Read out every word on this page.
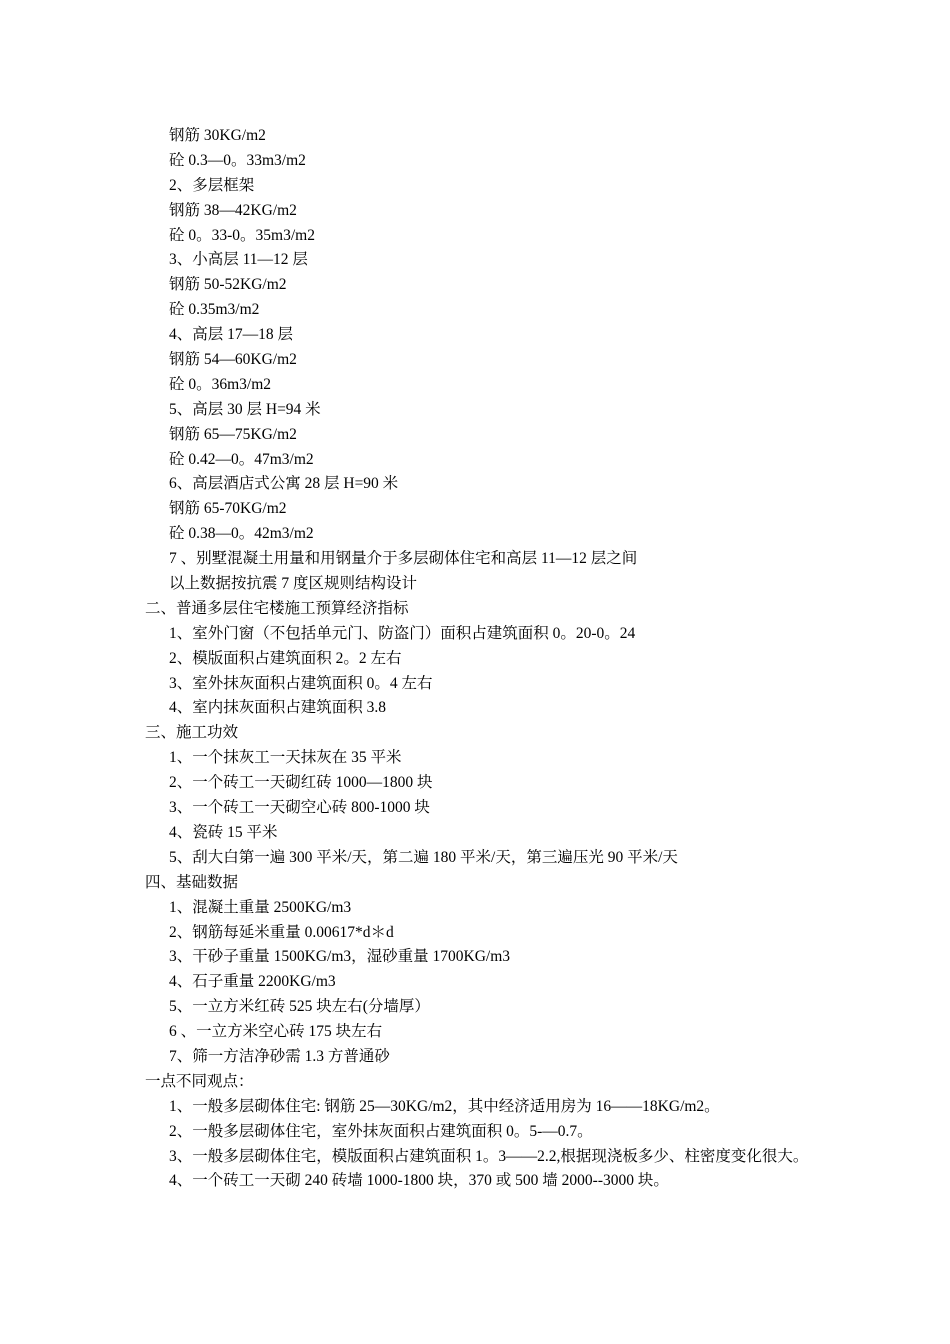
钢筋 30KG/m2
砼 0.3—0。33m3/m2
2、多层框架
钢筋 38—42KG/m2
砼 0。33-0。35m3/m2
3、小高层 11—12 层
钢筋 50-52KG/m2
砼 0.35m3/m2
4、高层 17—18 层
钢筋 54—60KG/m2
砼 0。36m3/m2
5、高层 30 层 H=94 米
钢筋 65—75KG/m2
砼 0.42—0。47m3/m2
6、高层酒店式公寓 28 层 H=90 米
钢筋 65-70KG/m2
砼 0.38—0。42m3/m2
7 、别墅混凝土用量和用钢量介于多层砌体住宅和高层 11—12 层之间
以上数据按抗震 7 度区规则结构设计
二、普通多层住宅楼施工预算经济指标
1、室外门窗（不包括单元门、防盗门）面积占建筑面积 0。20-0。24
2、模版面积占建筑面积 2。2 左右
3、室外抹灰面积占建筑面积 0。4 左右
4、室内抹灰面积占建筑面积 3.8
三、施工功效
1、一个抹灰工一天抹灰在 35 平米
2、一个砖工一天砌红砖 1000—1800 块
3、一个砖工一天砌空心砖 800-1000 块
4、瓷砖 15 平米
5、刮大白第一遍 300 平米/天，第二遍 180 平米/天，第三遍压光 90 平米/天
四、基础数据
1、混凝土重量 2500KG/m3
2、钢筋每延米重量 0.00617*d＊d
3、干砂子重量 1500KG/m3，湿砂重量 1700KG/m3
4、石子重量 2200KG/m3
5、一立方米红砖 525 块左右(分墙厚）
6 、一立方米空心砖 175 块左右
7、筛一方洁净砂需 1.3 方普通砂
一点不同观点：
1、一般多层砌体住宅: 钢筋 25—30KG/m2，其中经济适用房为 16——18KG/m2。
2、一般多层砌体住宅，室外抹灰面积占建筑面积 0。5-—0.7。
3、一般多层砌体住宅，模版面积占建筑面积 1。3——2.2,根据现浇板多少、柱密度变化很大。
4、一个砖工一天砌 240 砖墙 1000-1800 块，370 或 500 墙 2000--3000 块。
